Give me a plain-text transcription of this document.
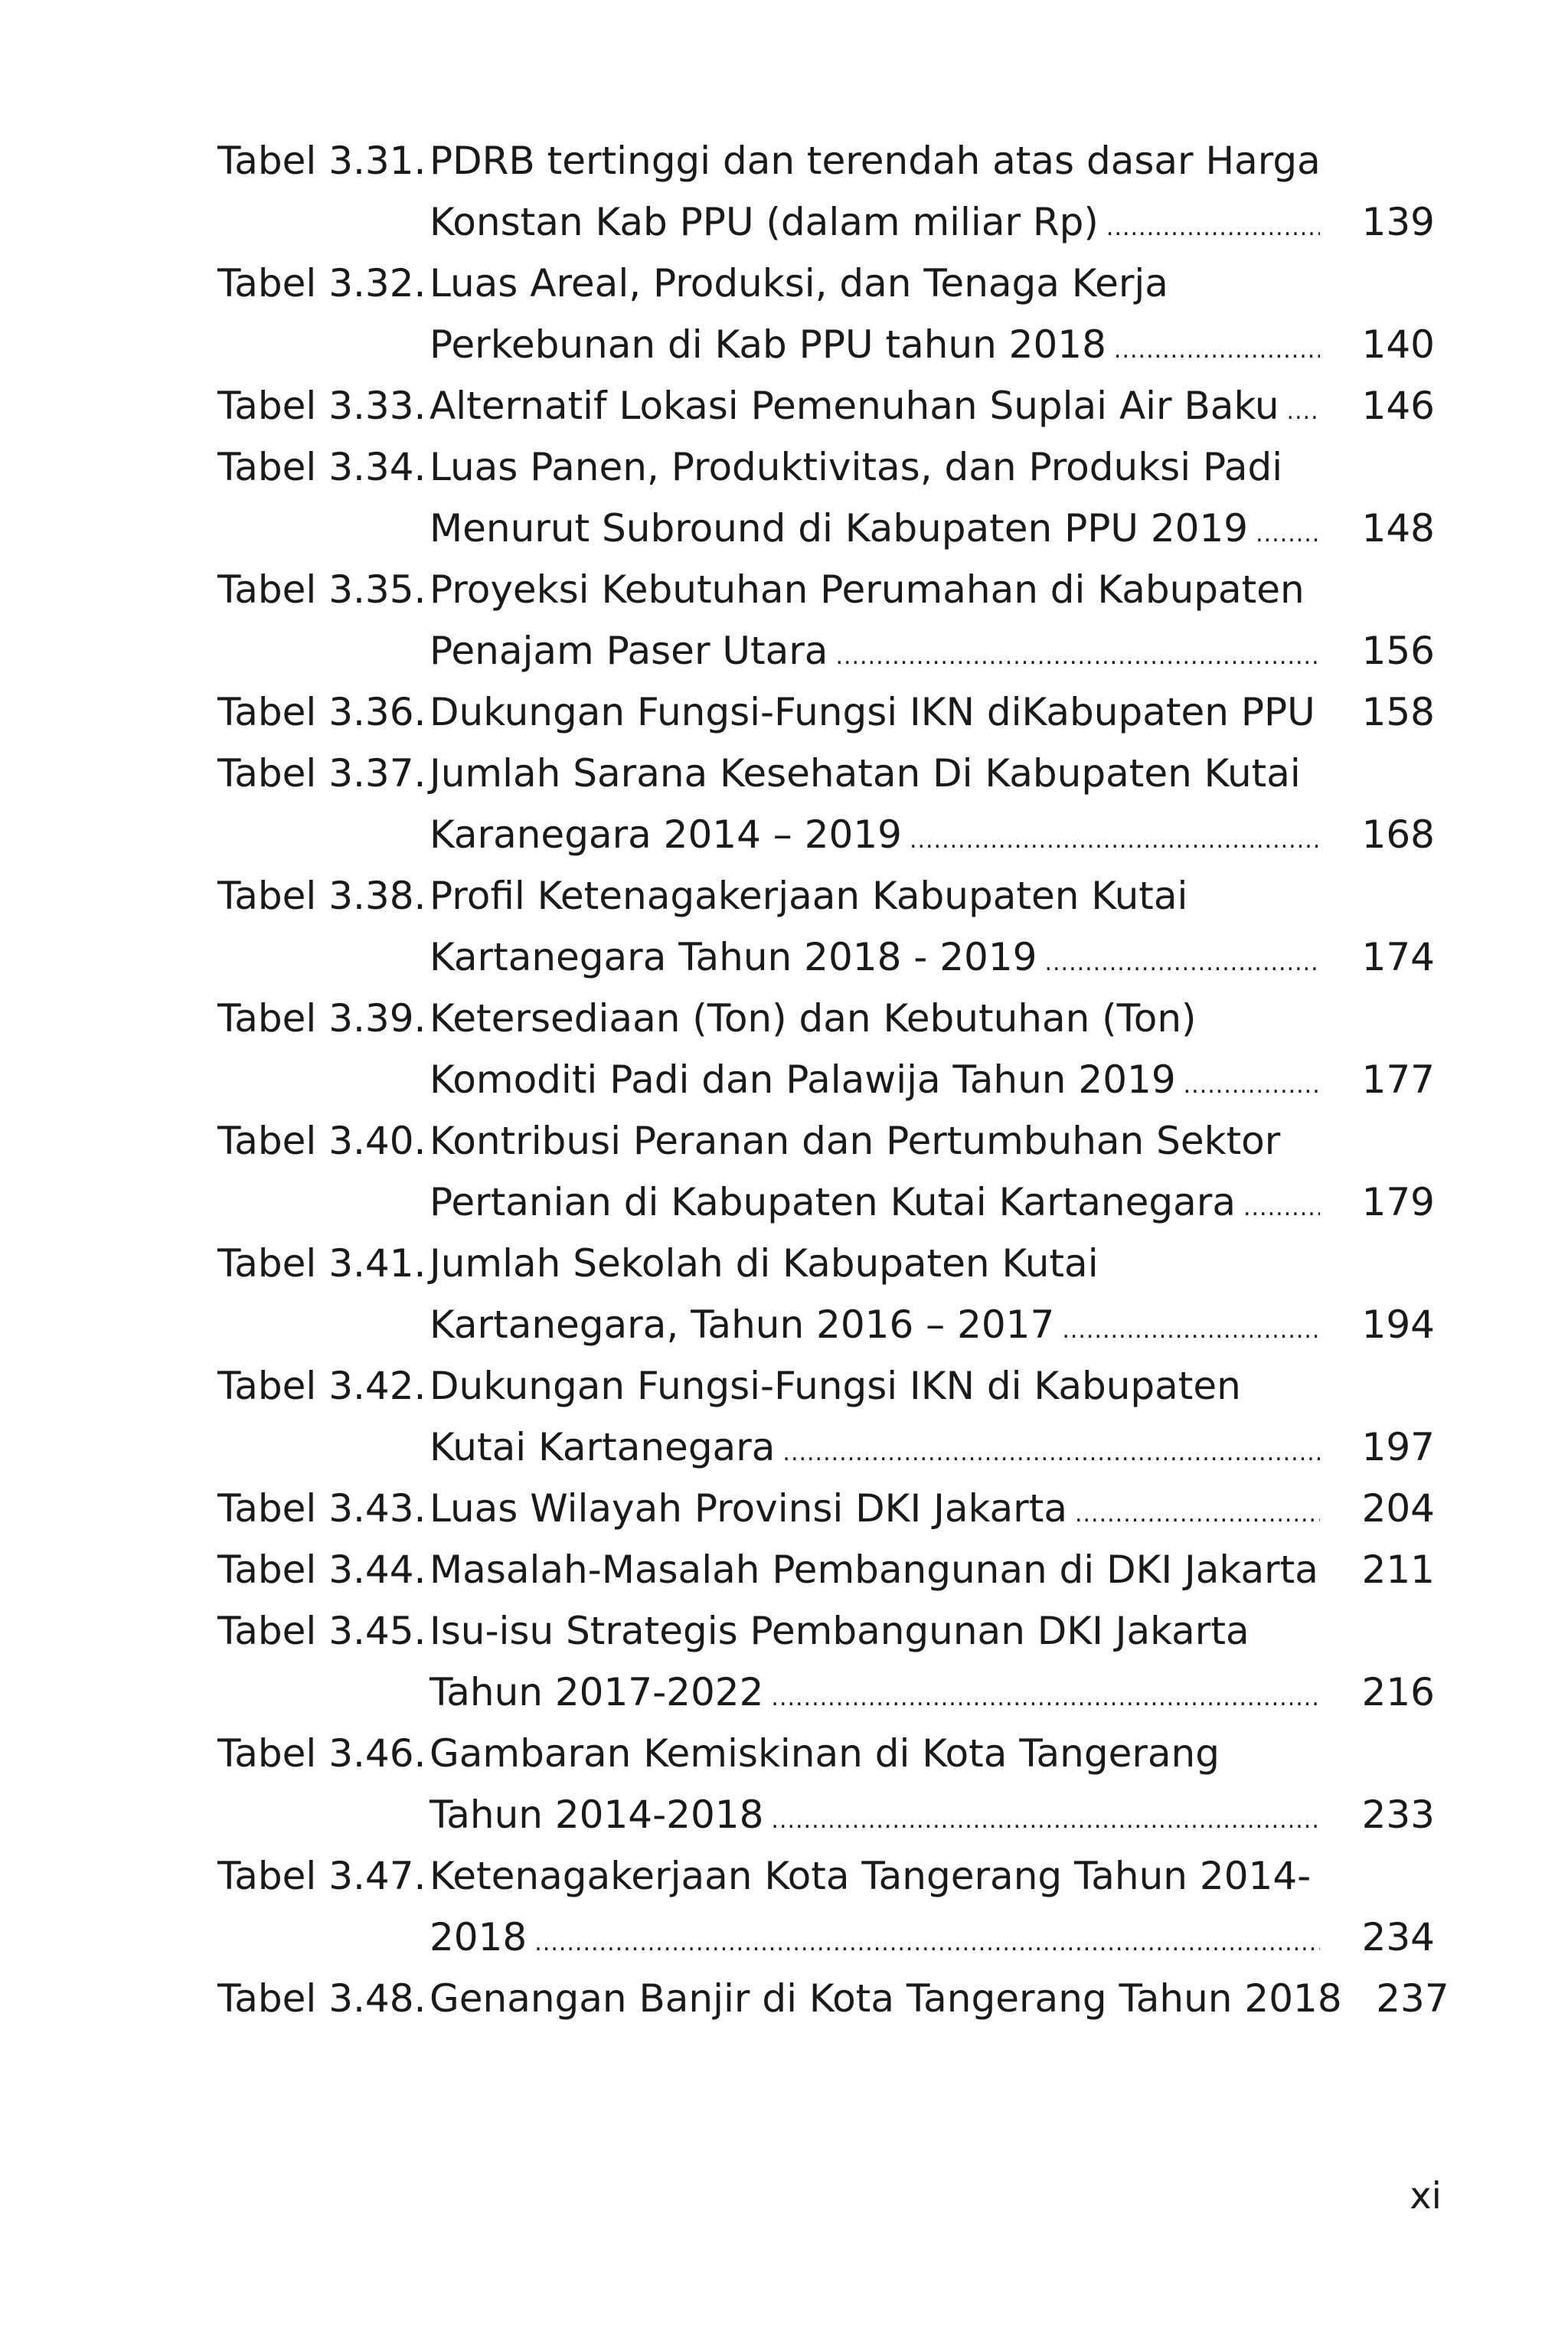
Tabel 3.31. PDRB tertinggi dan terendah atas dasar Harga
Konstan Kab PPU (dalam miliar Rp) .....	139
Tabel 3.32. Luas Areal, Produksi, dan Tenaga Kerja
Perkebunan di Kab PPU tahun 2018 .....	140
Tabel 3.33. Alternatif Lokasi Pemenuhan Suplai Air Baku .....	146
Tabel 3.34. Luas Panen, Produktivitas, dan Produksi Padi
Menurut Subround di Kabupaten PPU 2019 .....	148
Tabel 3.35. Proyeksi Kebutuhan Perumahan di Kabupaten
Penajam Paser Utara .....	156
Tabel 3.36. Dukungan Fungsi-Fungsi IKN diKabupaten PPU	158
Tabel 3.37. Jumlah Sarana Kesehatan Di Kabupaten Kutai
Karanegara 2014 – 2019 .....	168
Tabel 3.38. Profil Ketenagakerjaan Kabupaten Kutai
Kartanegara Tahun 2018 - 2019 .....	174
Tabel 3.39. Ketersediaan (Ton) dan Kebutuhan (Ton)
Komoditi Padi dan Palawija Tahun 2019 .....	177
Tabel 3.40. Kontribusi Peranan dan Pertumbuhan Sektor
Pertanian di Kabupaten Kutai Kartanegara .....	179
Tabel 3.41. Jumlah Sekolah di Kabupaten Kutai
Kartanegara, Tahun 2016 – 2017 .....	194
Tabel 3.42. Dukungan Fungsi-Fungsi IKN di Kabupaten
Kutai Kartanegara .....	197
Tabel 3.43. Luas Wilayah Provinsi DKI Jakarta .....	204
Tabel 3.44. Masalah-Masalah Pembangunan di DKI Jakarta	211
Tabel 3.45. Isu-isu Strategis Pembangunan DKI Jakarta
Tahun 2017-2022 .....	216
Tabel 3.46. Gambaran Kemiskinan di Kota Tangerang
Tahun 2014-2018 .....	233
Tabel 3.47. Ketenagakerjaan Kota Tangerang Tahun 2014-
2018 .....	234
Tabel 3.48. Genangan Banjir di Kota Tangerang Tahun 2018 237
xi
